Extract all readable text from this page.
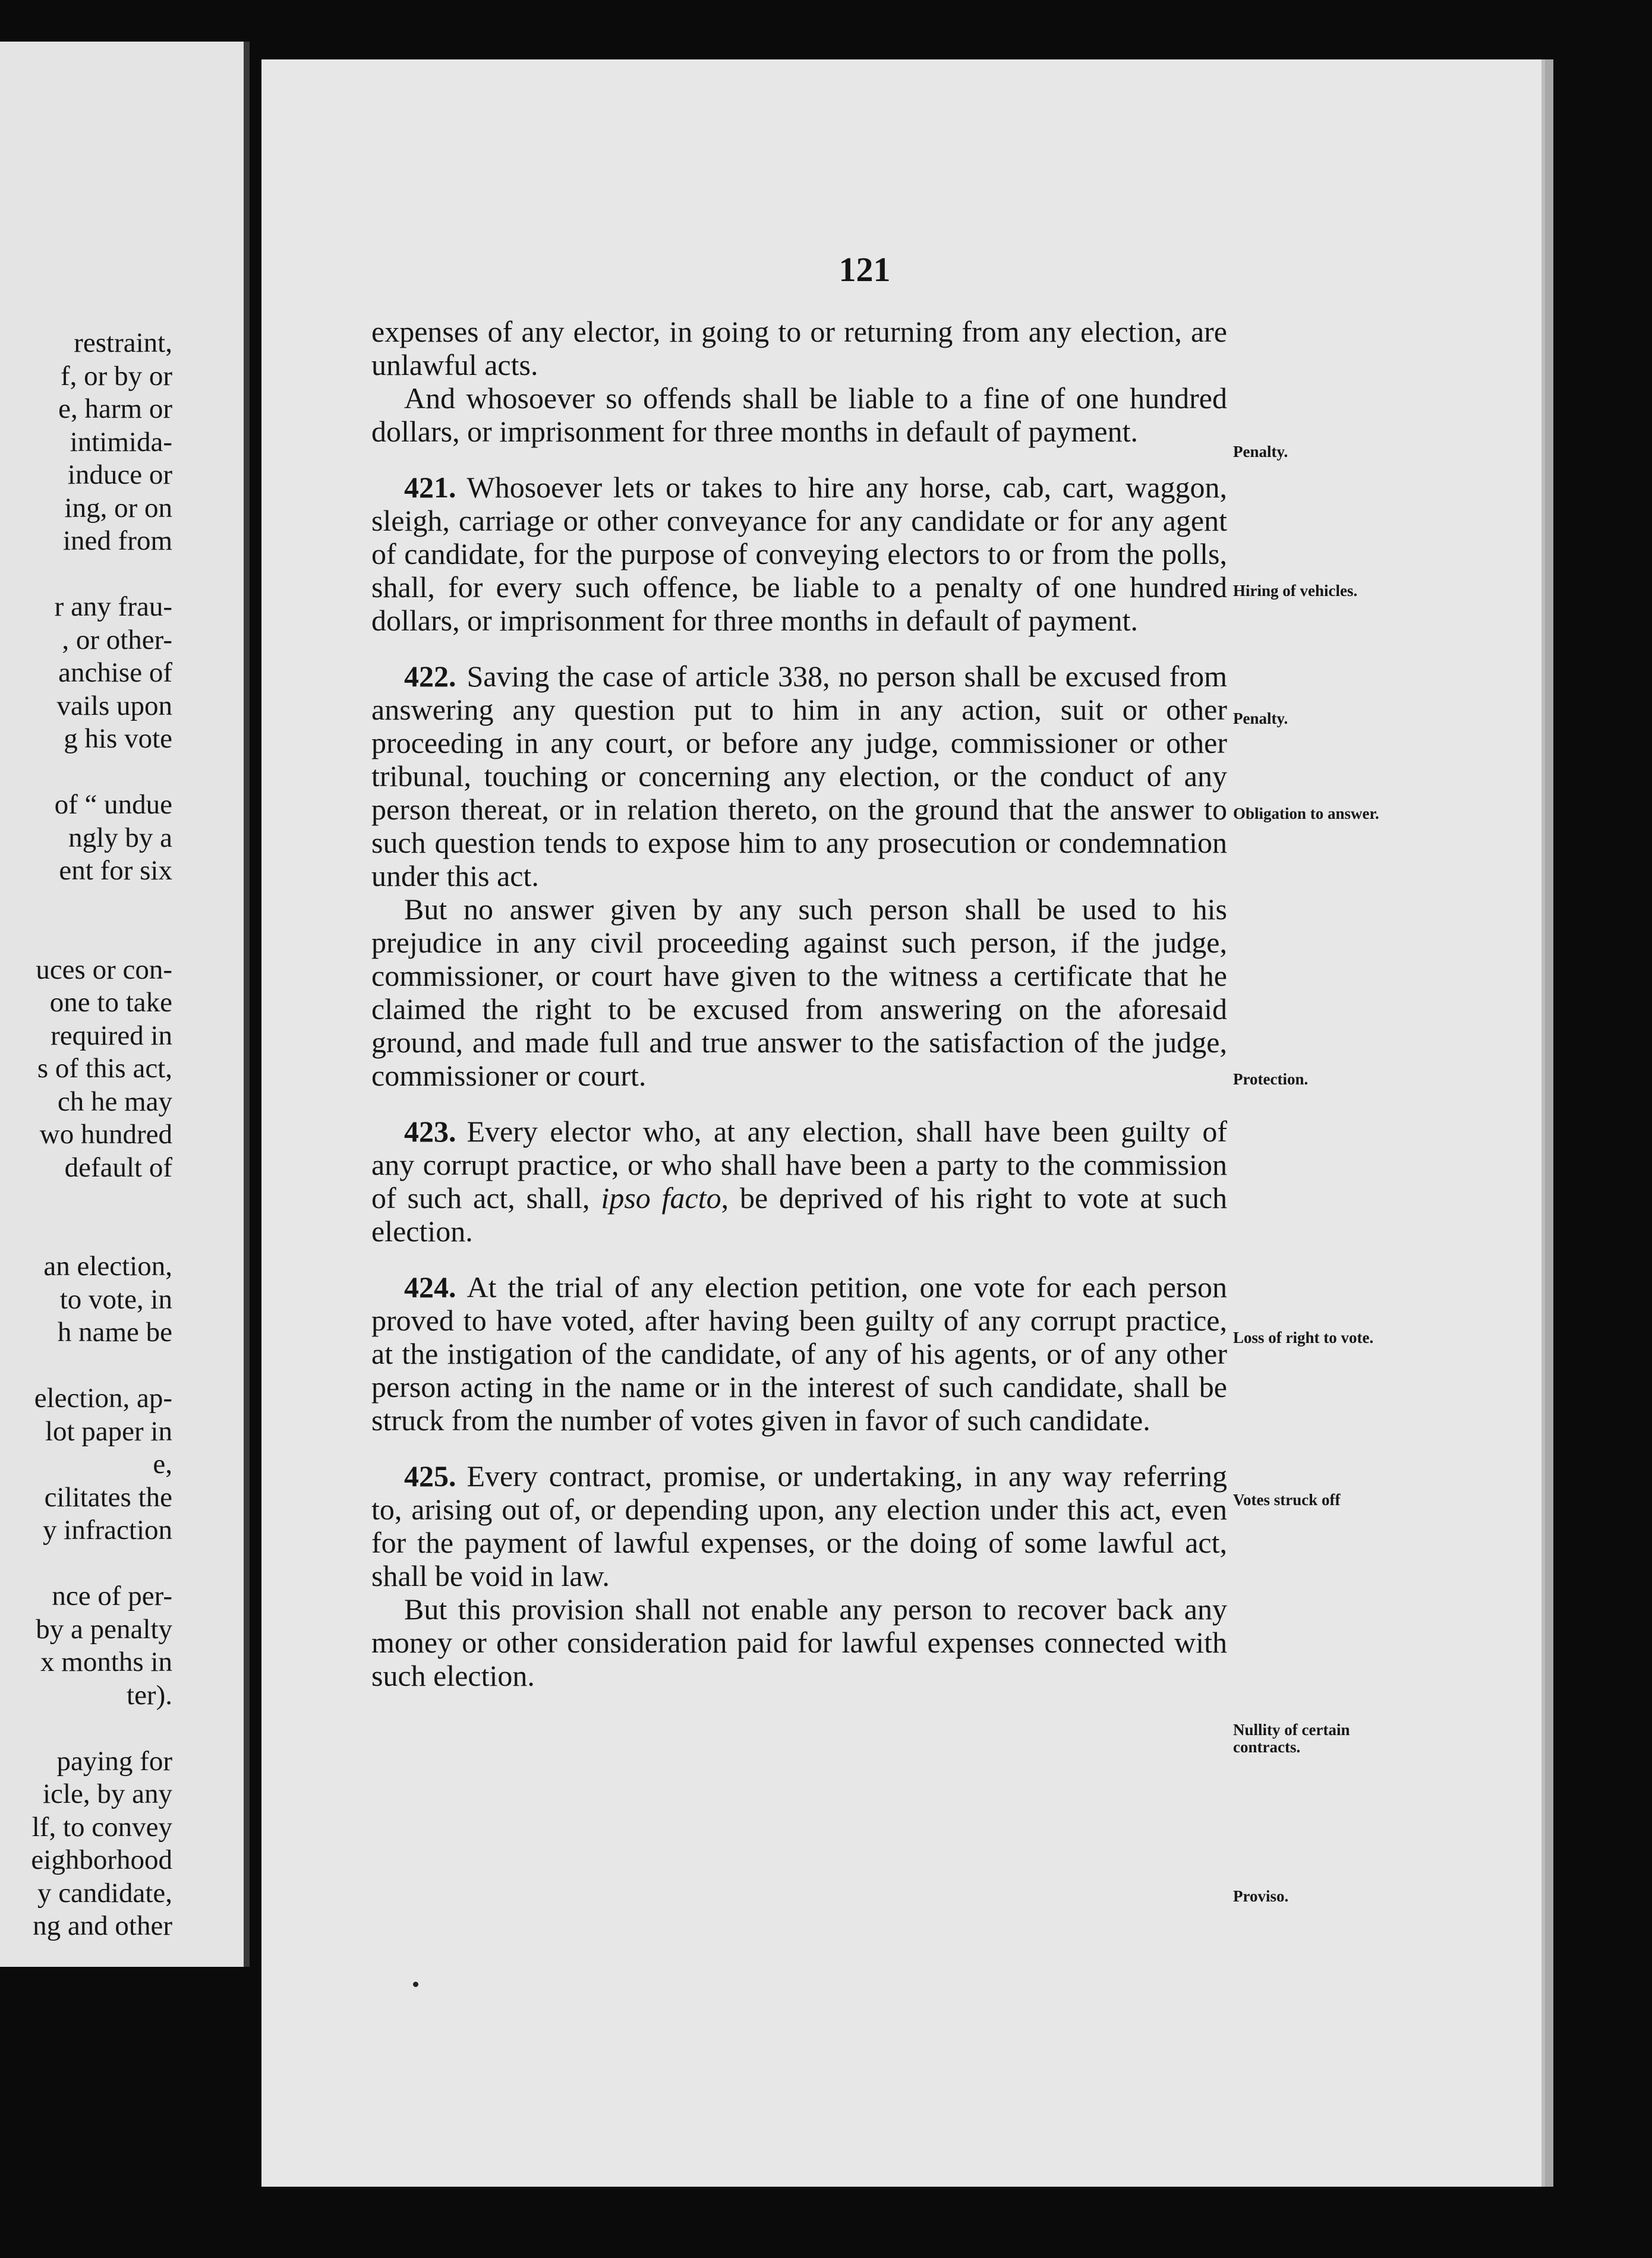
restraint,
f, or by or
e, harm or
intimida-
induce or
ing, or on
ined from
r any frau-
, or other-
anchise of
vails upon
g his vote
of “ undue
ngly by a
ent for six
uces or con-
one to take
required in
s of this act,
ch he may
wo hundred
default of
an election,
to vote, in
h name be
election, ap-
lot paper in
e,
cilitates the
y infraction
nce of per-
by a penalty
x months in
ter).
paying for
icle, by any
lf, to convey
eighborhood
y candidate,
ng and other
121

expenses of any elector, in going to or returning from any election, are unlawful acts.

And whosoever so offends shall be liable to a fine of one hundred dollars, or imprisonment for three months in default of payment.

421. Whosoever lets or takes to hire any horse, cab, cart, waggon, sleigh, carriage or other conveyance for any candidate or for any agent of candidate, for the purpose of conveying electors to or from the polls, shall, for every such offence, be liable to a penalty of one hundred dollars, or imprisonment for three months in default of payment.

422. Saving the case of article 338, no person shall be excused from answering any question put to him in any action, suit or other proceeding in any court, or before any judge, commissioner or other tribunal, touching or concerning any election, or the conduct of any person thereat, or in relation thereto, on the ground that the answer to such question tends to expose him to any prosecution or condemnation under this act.

But no answer given by any such person shall be used to his prejudice in any civil proceeding against such person, if the judge, commissioner, or court have given to the witness a certificate that he claimed the right to be excused from answering on the aforesaid ground, and made full and true answer to the satisfaction of the judge, commissioner or court.

423. Every elector who, at any election, shall have been guilty of any corrupt practice, or who shall have been a party to the commission of such act, shall, ipso facto, be deprived of his right to vote at such election.

424. At the trial of any election petition, one vote for each person proved to have voted, after having been guilty of any corrupt practice, at the instigation of the candidate, of any of his agents, or of any other person acting in the name or in the interest of such candidate, shall be struck from the number of votes given in favor of such candidate.

425. Every contract, promise, or undertaking, in any way referring to, arising out of, or depending upon, any election under this act, even for the payment of lawful expenses, or the doing of some lawful act, shall be void in law.

But this provision shall not enable any person to recover back any money or other consideration paid for lawful expenses connected with such election.

Penalty.
Hiring of vehicles.
Penalty.
Obligation to answer.
Protection.
Loss of right to vote.
Votes struck off
Nullity of certain contracts.
Proviso.
